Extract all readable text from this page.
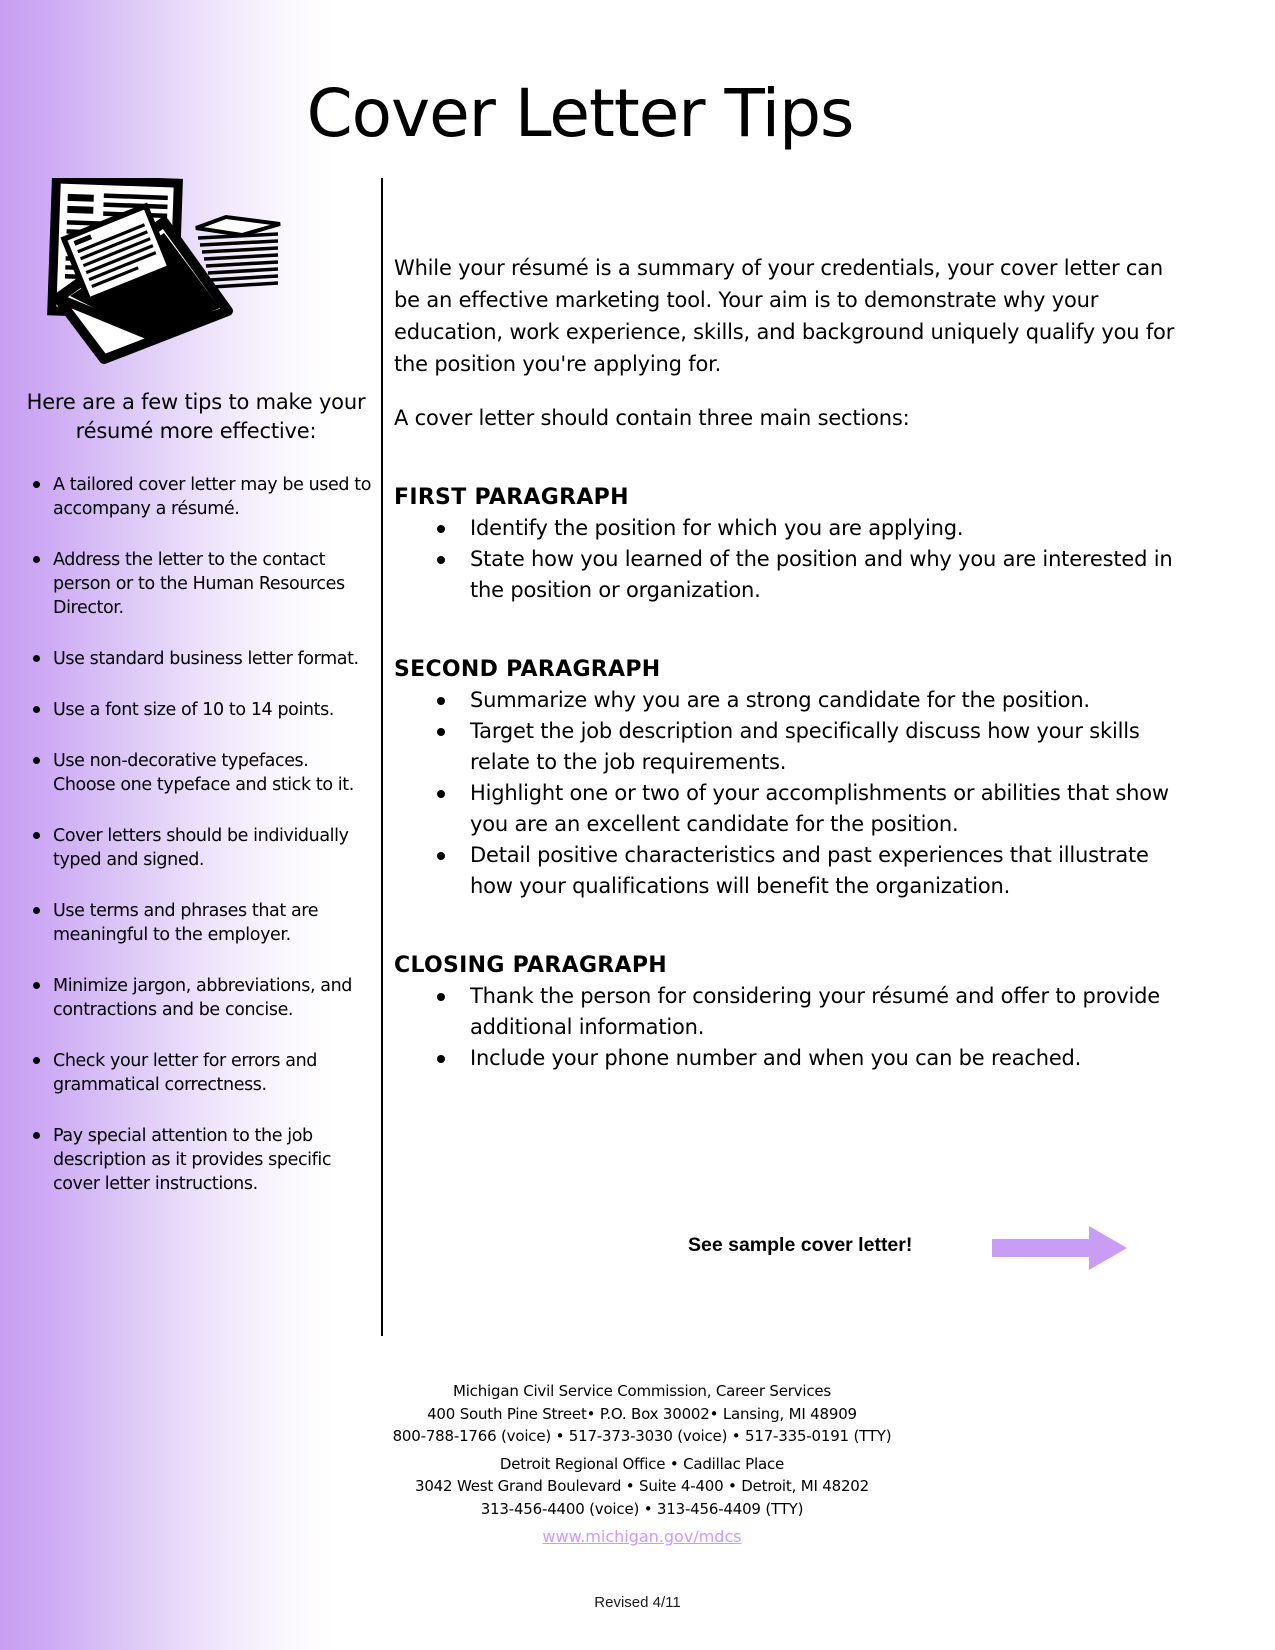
Cover Letter Tips
Here are a few tips to make your résumé more effective:
A tailored cover letter may be used to accompany a résumé.
Address the letter to the contact person or to the Human Resources Director.
Use standard business letter format.
Use a font size of 10 to 14 points.
Use non-decorative typefaces. Choose one typeface and stick to it.
Cover letters should be individually typed and signed.
Use terms and phrases that are meaningful to the employer.
Minimize jargon, abbreviations, and contractions and be concise.
Check your letter for errors and grammatical correctness.
Pay special attention to the job description as it provides specific cover letter instructions.

While your résumé is a summary of your credentials, your cover letter can be an effective marketing tool. Your aim is to demonstrate why your education, work experience, skills, and background uniquely qualify you for the position you're applying for.

A cover letter should contain three main sections:

FIRST PARAGRAPH
Identify the position for which you are applying.
State how you learned of the position and why you are interested in the position or organization.
SECOND PARAGRAPH
Summarize why you are a strong candidate for the position.
Target the job description and specifically discuss how your skills relate to the job requirements.
Highlight one or two of your accomplishments or abilities that show you are an excellent candidate for the position.
Detail positive characteristics and past experiences that illustrate how your qualifications will benefit the organization.
CLOSING PARAGRAPH
Thank the person for considering your résumé and offer to provide additional information.
Include your phone number and when you can be reached.
See sample cover letter!
Michigan Civil Service Commission, Career Services
400 South Pine Street• P.O. Box 30002• Lansing, MI 48909
800-788-1766 (voice) • 517-373-3030 (voice) • 517-335-0191 (TTY)
Detroit Regional Office • Cadillac Place
3042 West Grand Boulevard • Suite 4-400 • Detroit, MI 48202
313-456-4400 (voice) • 313-456-4409 (TTY)
www.michigan.gov/mdcs
Revised 4/11
